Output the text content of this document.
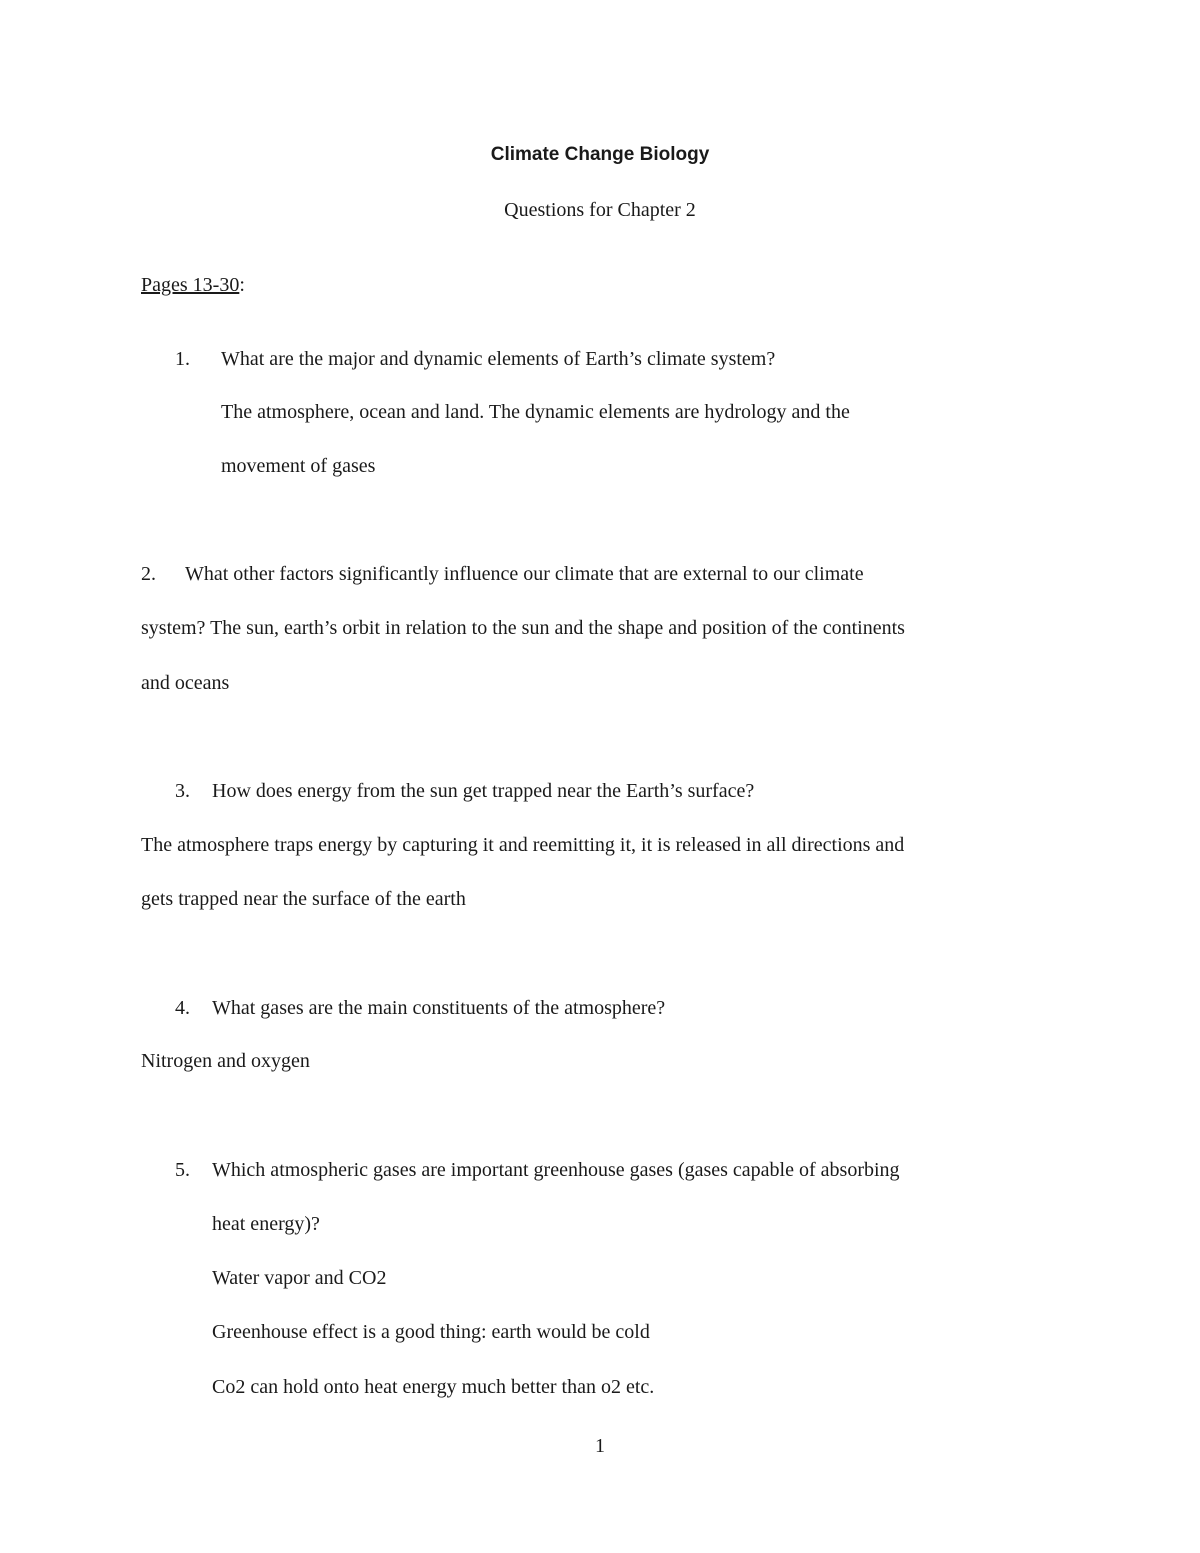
Climate Change Biology
Questions for Chapter 2
Pages 13-30:
1. What are the major and dynamic elements of Earth’s climate system?
The atmosphere, ocean and land. The dynamic elements are hydrology and the
movement of gases
2. What other factors significantly influence our climate that are external to our climate
system? The sun, earth’s orbit in relation to the sun and the shape and position of the continents
and oceans
3. How does energy from the sun get trapped near the Earth’s surface?
The atmosphere traps energy by capturing it and reemitting it, it is released in all directions and
gets trapped near the surface of the earth
4. What gases are the main constituents of the atmosphere?
Nitrogen and oxygen
5. Which atmospheric gases are important greenhouse gases (gases capable of absorbing
heat energy)?
Water vapor and CO2
Greenhouse effect is a good thing: earth would be cold
Co2 can hold onto heat energy much better than o2 etc.
1
